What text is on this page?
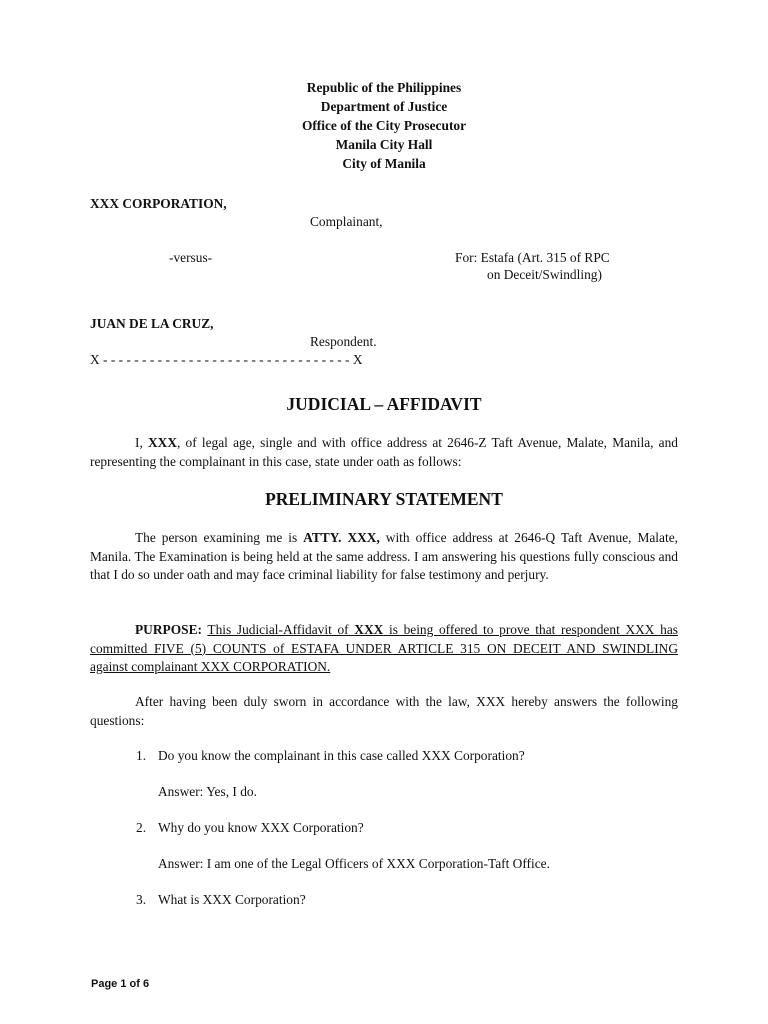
Republic of the Philippines
Department of Justice
Office of the City Prosecutor
Manila City Hall
City of Manila
XXX CORPORATION,
Complainant,
-versus-	For: Estafa (Art. 315 of RPC
on Deceit/Swindling)
JUAN DE LA CRUZ,
Respondent.
X - - - - - - - - - - - - - - - - - - - - - - - - - - - - - - - - X
JUDICIAL – AFFIDAVIT
I, XXX, of legal age, single and with office address at 2646-Z Taft Avenue, Malate, Manila, and representing the complainant in this case, state under oath as follows:
PRELIMINARY STATEMENT
The person examining me is ATTY. XXX, with office address at 2646-Q Taft Avenue, Malate, Manila. The Examination is being held at the same address. I am answering his questions fully conscious and that I do so under oath and may face criminal liability for false testimony and perjury.
PURPOSE: This Judicial-Affidavit of XXX is being offered to prove that respondent XXX has committed FIVE (5) COUNTS of ESTAFA UNDER ARTICLE 315 ON DECEIT AND SWINDLING against complainant XXX CORPORATION.
After having been duly sworn in accordance with the law, XXX hereby answers the following questions:
1. Do you know the complainant in this case called XXX Corporation?
Answer: Yes, I do.
2. Why do you know XXX Corporation?
Answer: I am one of the Legal Officers of XXX Corporation-Taft Office.
3. What is XXX Corporation?
Page 1 of 6
